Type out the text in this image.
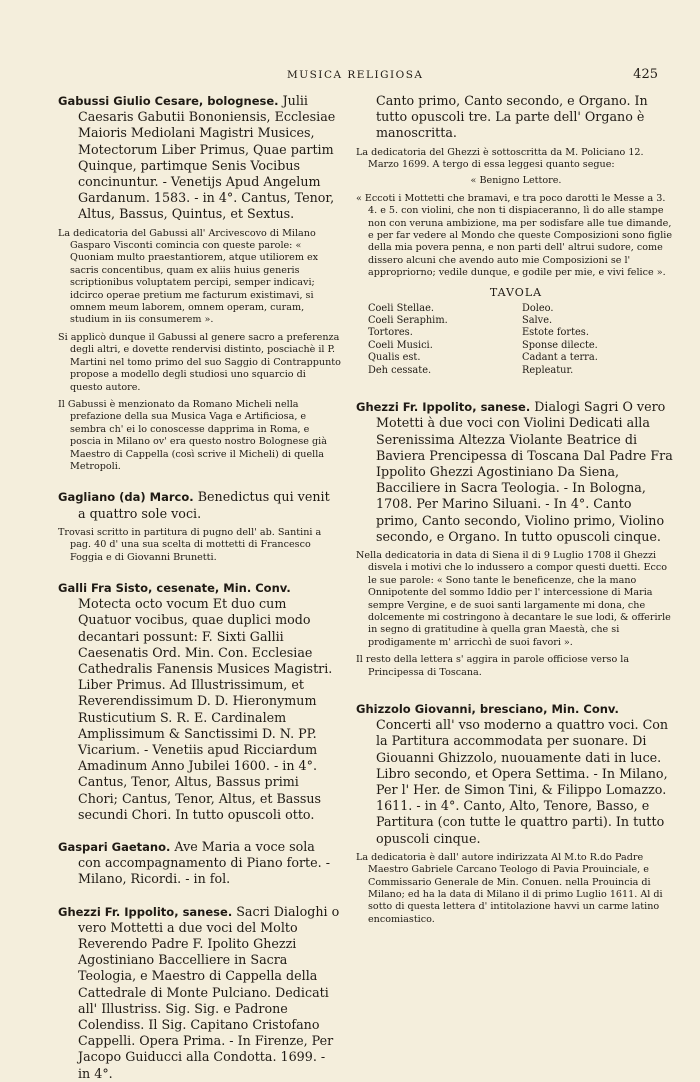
MUSICA RELIGIOSA	425

Gabussi Giulio Cesare, bolognese. Julii Caesaris Gabutii Bononiensis, Ecclesiae Maioris Mediolani Magistri Musices, Motectorum Liber Primus, Quae partim Quinque, partimque Senis Vocibus concinuntur. - Venetijs Apud Angelum Gardanum. 1583. - in 4°. Cantus, Tenor, Altus, Bassus, Quintus, et Sextus.

La dedicatoria del Gabussi all' Arcivescovo di Milano Gasparo Visconti comincia con queste parole: « Quoniam multo praestantiorem, atque utiliorem ex sacris concentibus, quam ex aliis huius generis scriptionibus voluptatem percipi, semper indicavi; idcirco operae pretium me facturum existimavi, si omnem meum laborem, omnem operam, curam, studium in iis consumerem ».

Si applicò dunque il Gabussi al genere sacro a preferenza degli altri, e dovette rendervisi distinto, posciachè il P. Martini nel tomo primo del suo Saggio di Contrappunto propose a modello degli studiosi uno squarcio di questo autore.

Il Gabussi è menzionato da Romano Micheli nella prefazione della sua Musica Vaga e Artificiosa, e sembra ch' ei lo conoscesse dapprima in Roma, e poscia in Milano ov' era questo nostro Bolognese già Maestro di Cappella (così scrive il Micheli) di quella Metropoli.

Gagliano (da) Marco. Benedictus qui venit a quattro sole voci.

Trovasi scritto in partitura di pugno dell' ab. Santini a pag. 40 d' una sua scelta di mottetti di Francesco Foggia e di Giovanni Brunetti.

Galli Fra Sisto, cesenate, Min. Conv. Motecta octo vocum Et duo cum Quatuor vocibus, quae duplici modo decantari possunt: F. Sixti Gallii Caesenatis Ord. Min. Con. Ecclesiae Cathedralis Fanensis Musices Magistri. Liber Primus. Ad Illustrissimum, et Reverendissimum D. D. Hieronymum Rusticutium S. R. E. Cardinalem Amplissimum & Sanctissimi D. N. PP. Vicarium. - Venetiis apud Ricciardum Amadinum Anno Jubilei 1600. - in 4°. Cantus, Tenor, Altus, Bassus primi Chori; Cantus, Tenor, Altus, et Bassus secundi Chori. In tutto opuscoli otto.

Gaspari Gaetano. Ave Maria a voce sola con accompagnamento di Piano forte. - Milano, Ricordi. - in fol.

Ghezzi Fr. Ippolito, sanese. Sacri Dialoghi o vero Mottetti a due voci del Molto Reverendo Padre F. Ipolito Ghezzi Agostiniano Baccelliere in Sacra Teologia, e Maestro di Cappella della Cattedrale di Monte Pulciano. Dedicati all' Illustriss. Sig. Sig. e Padrone Colendiss. Il Sig. Capitano Cristofano Cappelli. Opera Prima. - In Firenze, Per Jacopo Guiducci alla Condotta. 1699. - in 4°.

Canto primo, Canto secondo, e Organo. In tutto opuscoli tre. La parte dell' Organo è manoscritta.

La dedicatoria del Ghezzi è sottoscritta da M. Policiano 12. Marzo 1699. A tergo di essa leggesi quanto segue:

« Benigno Lettore.

« Eccoti i Mottetti che bramavi, e tra poco darotti le Messe a 3. 4. e 5. con violini, che non ti dispiaceranno, lì do alle stampe non con veruna ambizione, ma per sodisfare alle tue dimande, e per far vedere al Mondo che queste Composizioni sono figlie della mia povera penna, e non parti dell' altrui sudore, come dissero alcuni che avendo auto mie Composizioni se l' appropriorno; vedile dunque, e godile per mie, e vivi felice ».

TAVOLA
Coeli Stellae.	Doleo.
Coeli Seraphim.	Salve.
Tortores.	Estote fortes.
Coeli Musici.	Sponse dilecte.
Qualis est.	Cadant a terra.
Deh cessate.	Repleatur.

Ghezzi Fr. Ippolito, sanese. Dialogi Sagri O vero Motetti à due voci con Violini Dedicati alla Serenissima Altezza Violante Beatrice di Baviera Prencipessa di Toscana Dal Padre Fra Ippolito Ghezzi Agostiniano Da Siena, Bacciliere in Sacra Teologia. - In Bologna, 1708. Per Marino Siluani. - In 4°. Canto primo, Canto secondo, Violino primo, Violino secondo, e Organo. In tutto opuscoli cinque.

Nella dedicatoria in data di Siena il di 9 Luglio 1708 il Ghezzi disvela i motivi che lo indussero a compor questi duetti. Ecco le sue parole: « Sono tante le beneficenze, che la mano Onnipotente del sommo Iddio per l' intercessione di Maria sempre Vergine, e de suoi santi largamente mi dona, che dolcemente mi costringono à decantare le sue lodi, & offerirle in segno di gratitudine à quella gran Maestà, che si prodigamente m' arricchì de suoi favori ».

Il resto della lettera s' aggira in parole officiose verso la Principessa di Toscana.

Ghizzolo Giovanni, bresciano, Min. Conv. Concerti all' vso moderno a quattro voci. Con la Partitura accommodata per suonare. Di Giouanni Ghizzolo, nuouamente dati in luce. Libro secondo, et Opera Settima. - In Milano, Per l' Her. de Simon Tini, & Filippo Lomazzo. 1611. - in 4°. Canto, Alto, Tenore, Basso, e Partitura (con tutte le quattro parti). In tutto opuscoli cinque.

La dedicatoria è dall' autore indirizzata Al M.to R.do Padre Maestro Gabriele Carcano Teologo di Pavia Prouinciale, e Commissario Generale de Min. Conuen. nella Prouincia di Milano; ed ha la data di Milano il di primo Luglio 1611. Al di sotto di questa lettera d' intitolazione havvi un carme latino encomiastico.
